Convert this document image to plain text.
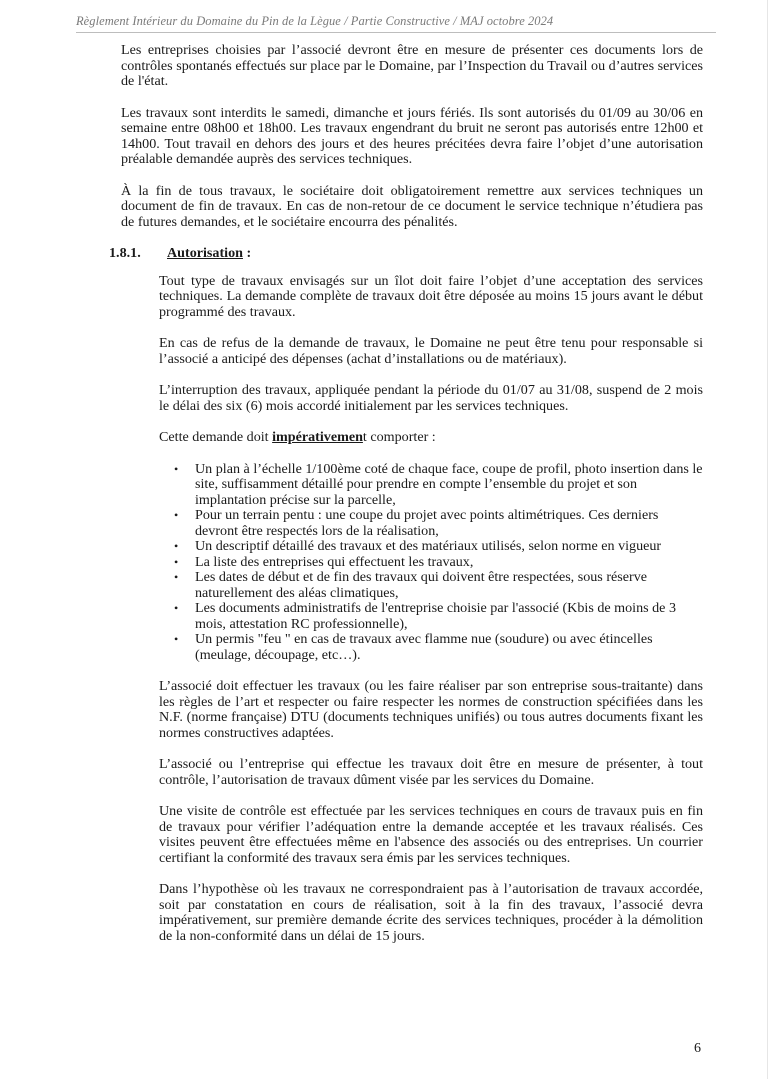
Règlement Intérieur du Domaine du Pin de la Lègue / Partie Constructive / MAJ octobre 2024

Les entreprises choisies par l’associé devront être en mesure de présenter ces documents lors de contrôles spontanés effectués sur place par le Domaine, par l’Inspection du Travail ou d’autres services de l'état.

Les travaux sont interdits le samedi, dimanche et jours fériés. Ils sont autorisés du 01/09 au 30/06 en semaine entre 08h00 et 18h00. Les travaux engendrant du bruit ne seront pas autorisés entre 12h00 et 14h00. Tout travail en dehors des jours et des heures précitées devra faire l’objet d’une autorisation préalable demandée auprès des services techniques.

À la fin de tous travaux, le sociétaire doit obligatoirement remettre aux services techniques un document de fin de travaux. En cas de non-retour de ce document le service technique n’étudiera pas de futures demandes, et le sociétaire encourra des pénalités.

1.8.1. Autorisation :

Tout type de travaux envisagés sur un îlot doit faire l’objet d’une acceptation des services techniques. La demande complète de travaux doit être déposée au moins 15 jours avant le début programmé des travaux.

En cas de refus de la demande de travaux, le Domaine ne peut être tenu pour responsable si l’associé a anticipé des dépenses (achat d’installations ou de matériaux).

L’interruption des travaux, appliquée pendant la période du 01/07 au 31/08, suspend de 2 mois le délai des six (6) mois accordé initialement par les services techniques.

Cette demande doit impérativement comporter :

• Un plan à l’échelle 1/100ème coté de chaque face, coupe de profil, photo insertion dans le site, suffisamment détaillé pour prendre en compte l’ensemble du projet et son implantation précise sur la parcelle,
• Pour un terrain pentu : une coupe du projet avec points altimétriques. Ces derniers devront être respectés lors de la réalisation,
• Un descriptif détaillé des travaux et des matériaux utilisés, selon norme en vigueur
• La liste des entreprises qui effectuent les travaux,
• Les dates de début et de fin des travaux qui doivent être respectées, sous réserve naturellement des aléas climatiques,
• Les documents administratifs de l'entreprise choisie par l'associé (Kbis de moins de 3 mois, attestation RC professionnelle),
• Un permis "feu " en cas de travaux avec flamme nue (soudure) ou avec étincelles (meulage, découpage, etc…).

L’associé doit effectuer les travaux (ou les faire réaliser par son entreprise sous-traitante) dans les règles de l’art et respecter ou faire respecter les normes de construction spécifiées dans les N.F. (norme française) DTU (documents techniques unifiés) ou tous autres documents fixant les normes constructives adaptées.

L’associé ou l’entreprise qui effectue les travaux doit être en mesure de présenter, à tout contrôle, l’autorisation de travaux dûment visée par les services du Domaine.

Une visite de contrôle est effectuée par les services techniques en cours de travaux puis en fin de travaux pour vérifier l’adéquation entre la demande acceptée et les travaux réalisés. Ces visites peuvent être effectuées même en l'absence des associés ou des entreprises. Un courrier certifiant la conformité des travaux sera émis par les services techniques.

Dans l’hypothèse où les travaux ne correspondraient pas à l’autorisation de travaux accordée, soit par constatation en cours de réalisation, soit à la fin des travaux, l’associé devra impérativement, sur première demande écrite des services techniques, procéder à la démolition de la non-conformité dans un délai de 15 jours.

6
